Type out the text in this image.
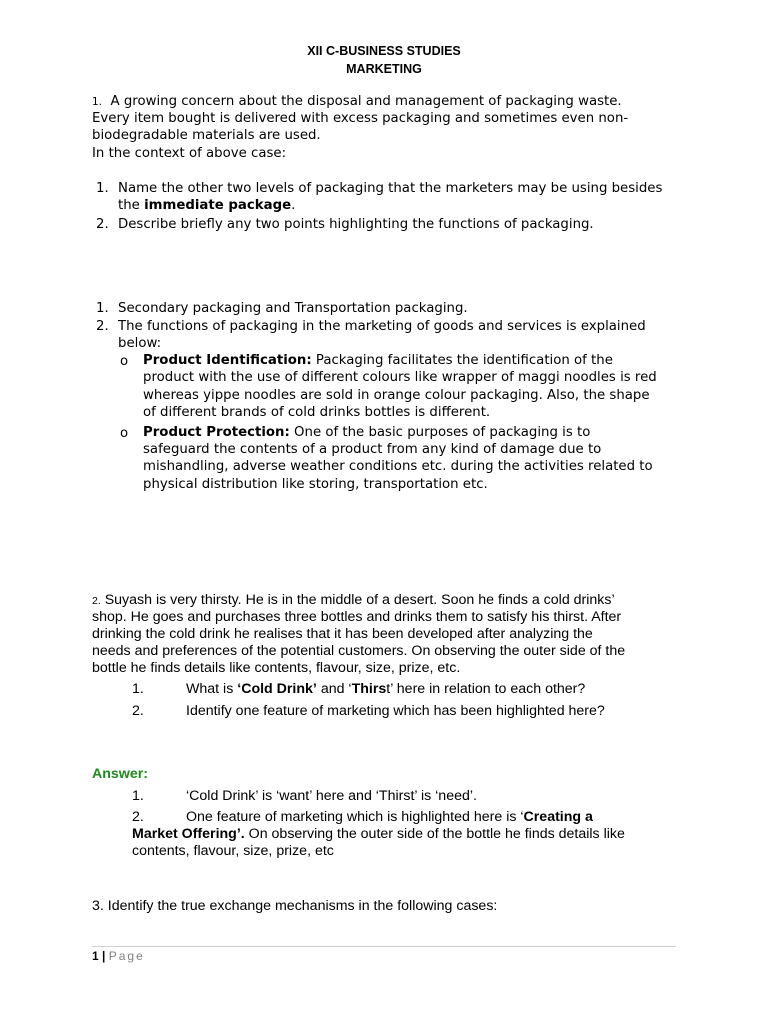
XII C-BUSINESS STUDIES
MARKETING
1. A growing concern about the disposal and management of packaging waste.
Every item bought is delivered with excess packaging and sometimes even non-
biodegradable materials are used.
In the context of above case:
1. Name the other two levels of packaging that the marketers may be using besides
the immediate package.
2. Describe briefly any two points highlighting the functions of packaging.
1. Secondary packaging and Transportation packaging.
2. The functions of packaging in the marketing of goods and services is explained
below:
o Product Identification: Packaging facilitates the identification of the
product with the use of different colours like wrapper of maggi noodles is red
whereas yippe noodles are sold in orange colour packaging. Also, the shape
of different brands of cold drinks bottles is different.
o Product Protection: One of the basic purposes of packaging is to
safeguard the contents of a product from any kind of damage due to
mishandling, adverse weather conditions etc. during the activities related to
physical distribution like storing, transportation etc.
2. Suyash is very thirsty. He is in the middle of a desert. Soon he finds a cold drinks’
shop. He goes and purchases three bottles and drinks them to satisfy his thirst. After
drinking the cold drink he realises that it has been developed after analyzing the
needs and preferences of the potential customers. On observing the outer side of the
bottle he finds details like contents, flavour, size, prize, etc.
1.	What is ‘Cold Drink’ and ‘Thirst’ here in relation to each other?
2.	Identify one feature of marketing which has been highlighted here?
Answer:
1.	‘Cold Drink’ is ‘want’ here and ‘Thirst’ is ‘need’.
2.	One feature of marketing which is highlighted here is ‘Creating a
Market Offering’. On observing the outer side of the bottle he finds details like
contents, flavour, size, prize, etc
3. Identify the true exchange mechanisms in the following cases:
1 | Page
